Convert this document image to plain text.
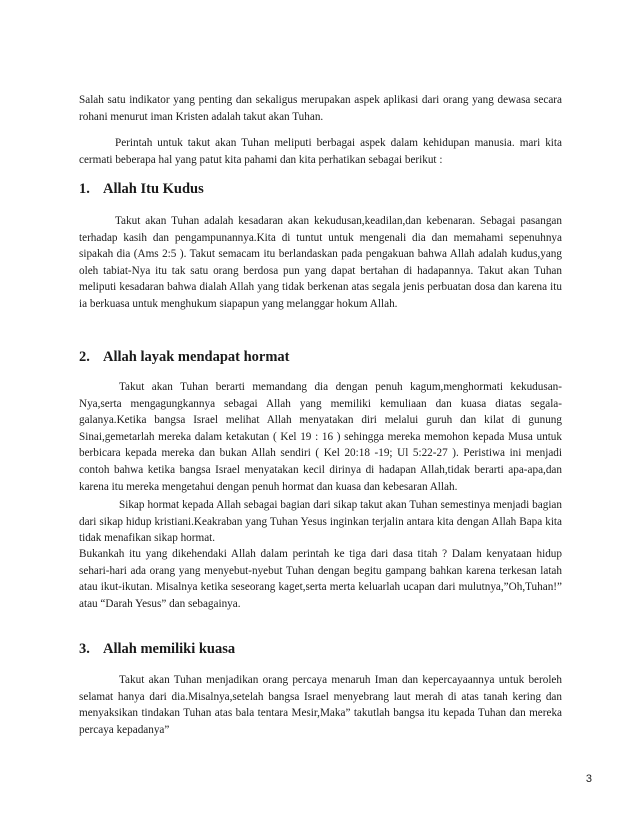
Salah satu indikator yang penting dan sekaligus merupakan aspek aplikasi dari orang yang dewasa secara rohani menurut iman Kristen adalah takut akan Tuhan.

Perintah untuk takut akan Tuhan meliputi berbagai aspek dalam kehidupan manusia. mari kita cermati beberapa hal yang patut kita pahami dan kita perhatikan sebagai berikut :

1. Allah Itu Kudus

Takut akan Tuhan adalah kesadaran akan kekudusan,keadilan,dan kebenaran. Sebagai pasangan terhadap kasih dan pengampunannya.Kita di tuntut untuk mengenali dia dan memahami sepenuhnya sipakah dia (Ams 2:5 ). Takut semacam itu berlandaskan pada pengakuan bahwa Allah adalah kudus,yang oleh tabiat-Nya itu tak satu orang berdosa pun yang dapat bertahan di hadapannya. Takut akan Tuhan meliputi kesadaran bahwa dialah Allah yang tidak berkenan atas segala jenis perbuatan dosa dan karena itu ia berkuasa untuk menghukum siapapun yang melanggar hokum Allah.

2. Allah layak mendapat hormat

Takut akan Tuhan berarti memandang dia dengan penuh kagum,menghormati kekudusan-Nya,serta mengagungkannya sebagai Allah yang memiliki kemuliaan dan kuasa diatas segala-galanya.Ketika bangsa Israel melihat Allah menyatakan diri melalui guruh dan kilat di gunung Sinai,gemetarlah mereka dalam ketakutan ( Kel 19 : 16 ) sehingga mereka memohon kepada Musa untuk berbicara kepada mereka dan bukan Allah sendiri ( Kel 20:18 -19; Ul 5:22-27 ). Peristiwa ini menjadi contoh bahwa ketika bangsa Israel menyatakan kecil dirinya di hadapan Allah,tidak berarti apa-apa,dan karena itu mereka mengetahui dengan penuh hormat dan kuasa dan kebesaran Allah.

Sikap hormat kepada Allah sebagai bagian dari sikap takut akan Tuhan semestinya menjadi bagian dari sikap hidup kristiani.Keakraban yang Tuhan Yesus inginkan terjalin antara kita dengan Allah Bapa kita tidak menafikan sikap hormat.

Bukankah itu yang dikehendaki Allah dalam perintah ke tiga dari dasa titah ? Dalam kenyataan hidup sehari-hari ada orang yang menyebut-nyebut Tuhan dengan begitu gampang bahkan karena terkesan latah atau ikut-ikutan. Misalnya ketika seseorang kaget,serta merta keluarlah ucapan dari mulutnya,”Oh,Tuhan!” atau “Darah Yesus” dan sebagainya.

3. Allah memiliki kuasa

Takut akan Tuhan menjadikan orang percaya menaruh Iman dan kepercayaannya untuk beroleh selamat hanya dari dia.Misalnya,setelah bangsa Israel menyebrang laut merah di atas tanah kering dan menyaksikan tindakan Tuhan atas bala tentara Mesir,Maka” takutlah bangsa itu kepada Tuhan dan mereka percaya kepadanya”

3
